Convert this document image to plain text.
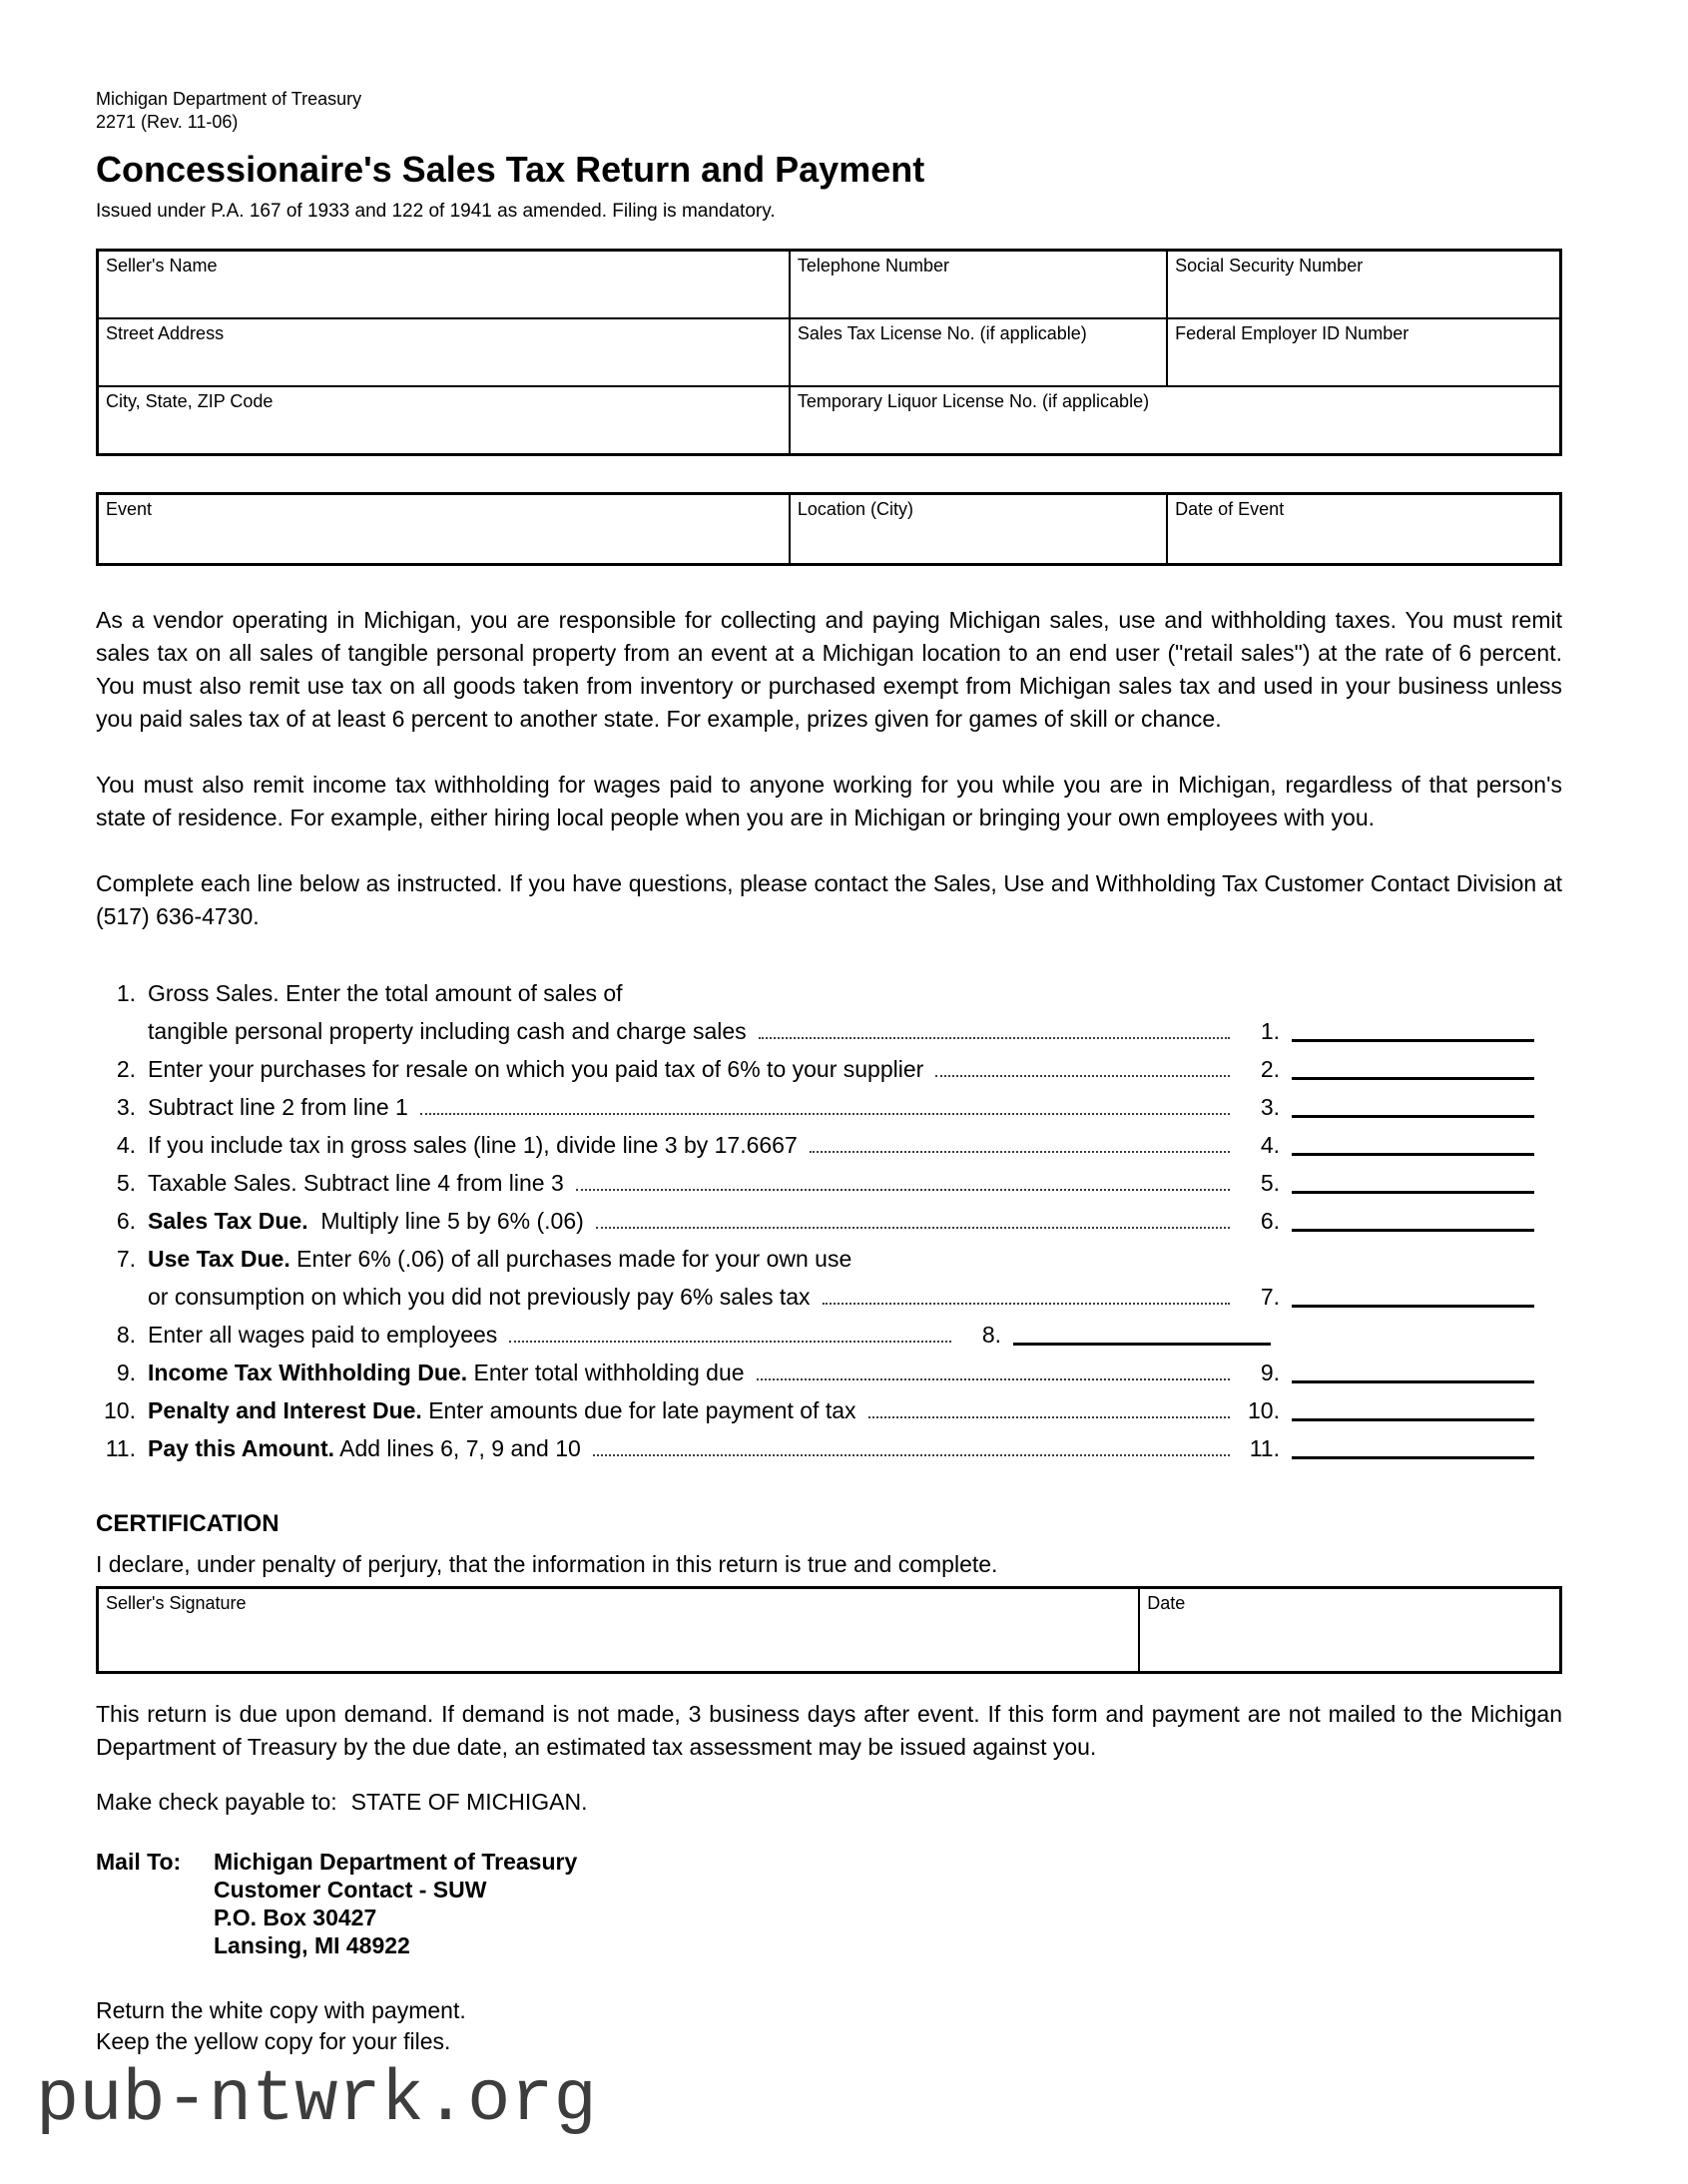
Michigan Department of Treasury
2271 (Rev. 11-06)
Concessionaire's Sales Tax Return and Payment
Issued under P.A. 167 of 1933 and 122 of 1941 as amended. Filing is mandatory.
Seller's Name	Telephone Number	Social Security Number
Street Address	Sales Tax License No. (if applicable)	Federal Employer ID Number
City, State, ZIP Code	Temporary Liquor License No. (if applicable)	
Event	Location (City)	Date of Event
As a vendor operating in Michigan, you are responsible for collecting and paying Michigan sales, use and withholding taxes. You must remit sales tax on all sales of tangible personal property from an event at a Michigan location to an end user ("retail sales") at the rate of 6 percent. You must also remit use tax on all goods taken from inventory or purchased exempt from Michigan sales tax and used in your business unless you paid sales tax of at least 6 percent to another state. For example, prizes given for games of skill or chance.
You must also remit income tax withholding for wages paid to anyone working for you while you are in Michigan, regardless of that person's state of residence. For example, either hiring local people when you are in Michigan or bringing your own employees with you.
Complete each line below as instructed. If you have questions, please contact the Sales, Use and Withholding Tax Customer Contact Division at (517) 636-4730.
1. Gross Sales. Enter the total amount of sales of
tangible personal property including cash and charge sales	1.
2. Enter your purchases for resale on which you paid tax of 6% to your supplier	2.
3. Subtract line 2 from line 1	3.
4. If you include tax in gross sales (line 1), divide line 3 by 17.6667	4.
5. Taxable Sales. Subtract line 4 from line 3	5.
6. Sales Tax Due.  Multiply line 5 by 6% (.06)	6.
7. Use Tax Due. Enter 6% (.06) of all purchases made for your own use
or consumption on which you did not previously pay 6% sales tax	7.
8. Enter all wages paid to employees	8.
9. Income Tax Withholding Due. Enter total withholding due	9.
10. Penalty and Interest Due. Enter amounts due for late payment of tax	10.
11. Pay this Amount. Add lines 6, 7, 9 and 10	11.
CERTIFICATION
I declare, under penalty of perjury, that the information in this return is true and complete.
Seller's Signature	Date
This return is due upon demand. If demand is not made, 3 business days after event. If this form and payment are not mailed to the Michigan Department of Treasury by the due date, an estimated tax assessment may be issued against you.
Make check payable to: STATE OF MICHIGAN.
Mail To:	Michigan Department of Treasury
Customer Contact - SUW
P.O. Box 30427
Lansing, MI 48922
Return the white copy with payment.
Keep the yellow copy for your files.
pub-ntwrk.org
